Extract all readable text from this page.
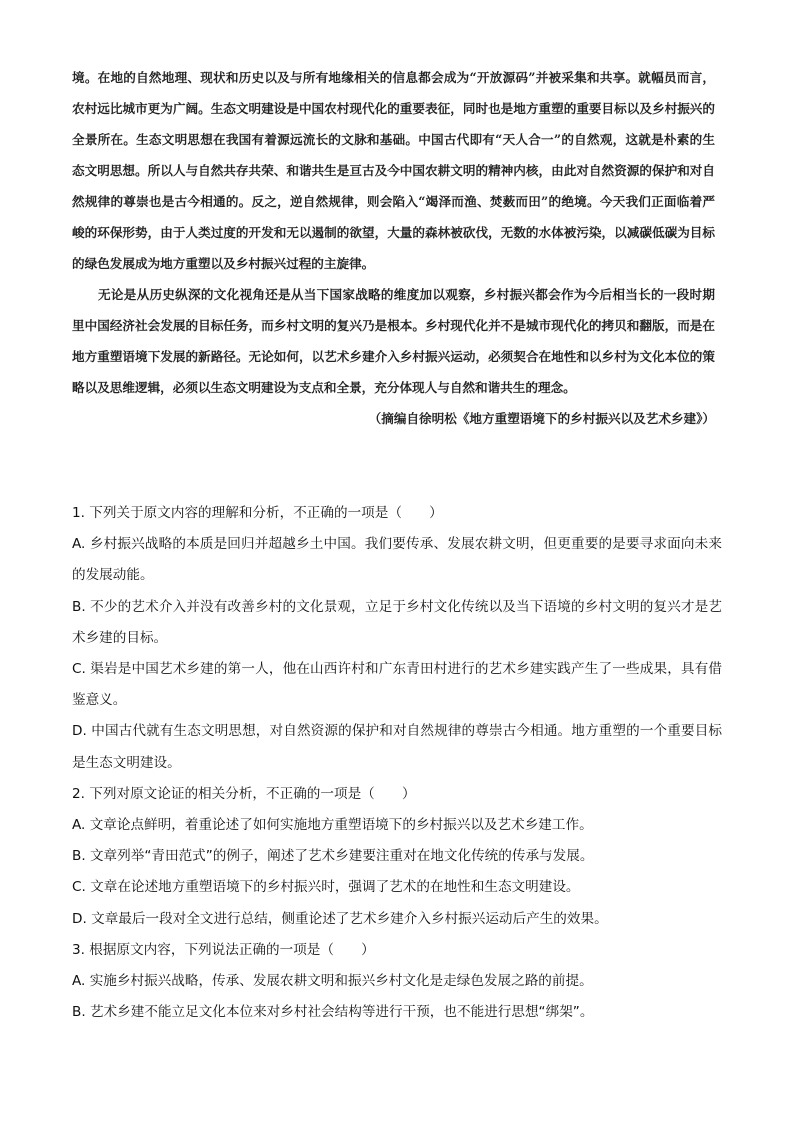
境。在地的自然地理、现状和历史以及与所有地缘相关的信息都会成为“开放源码”并被采集和共享。就幅员而言，农村远比城市更为广阔。生态文明建设是中国农村现代化的重要表征，同时也是地方重塑的重要目标以及乡村振兴的全景所在。生态文明思想在我国有着源远流长的文脉和基础。中国古代即有“天人合一”的自然观，这就是朴素的生态文明思想。所以人与自然共存共荣、和谐共生是亘古及今中国农耕文明的精神内核，由此对自然资源的保护和对自然规律的尊崇也是古今相通的。反之，逆自然规律，则会陷入“竭泽而渔、焚薮而田”的绝境。今天我们正面临着严峻的环保形势，由于人类过度的开发和无以遏制的欲望，大量的森林被砍伐，无数的水体被污染，以减碳低碳为目标的绿色发展成为地方重塑以及乡村振兴过程的主旋律。

无论是从历史纵深的文化视角还是从当下国家战略的维度加以观察，乡村振兴都会作为今后相当长的一段时期里中国经济社会发展的目标任务，而乡村文明的复兴乃是根本。乡村现代化并不是城市现代化的拷贝和翻版，而是在地方重塑语境下发展的新路径。无论如何，以艺术乡建介入乡村振兴运动，必须契合在地性和以乡村为文化本位的策略以及思维逻辑，必须以生态文明建设为支点和全景，充分体现人与自然和谐共生的理念。

（摘编自徐明松《地方重塑语境下的乡村振兴以及艺术乡建》）

1. 下列关于原文内容的理解和分析，不正确的一项是（　　）

A. 乡村振兴战略的本质是回归并超越乡土中国。我们要传承、发展农耕文明，但更重要的是要寻求面向未来的发展动能。

B. 不少的艺术介入并没有改善乡村的文化景观，立足于乡村文化传统以及当下语境的乡村文明的复兴才是艺术乡建的目标。

C. 渠岩是中国艺术乡建的第一人，他在山西许村和广东青田村进行的艺术乡建实践产生了一些成果，具有借鉴意义。

D. 中国古代就有生态文明思想，对自然资源的保护和对自然规律的尊崇古今相通。地方重塑的一个重要目标是生态文明建设。

2. 下列对原文论证的相关分析，不正确的一项是（　　）

A. 文章论点鲜明，着重论述了如何实施地方重塑语境下的乡村振兴以及艺术乡建工作。

B. 文章列举“青田范式”的例子，阐述了艺术乡建要注重对在地文化传统的传承与发展。

C. 文章在论述地方重塑语境下的乡村振兴时，强调了艺术的在地性和生态文明建设。

D. 文章最后一段对全文进行总结，侧重论述了艺术乡建介入乡村振兴运动后产生的效果。

3. 根据原文内容，下列说法正确的一项是（　　）

A. 实施乡村振兴战略，传承、发展农耕文明和振兴乡村文化是走绿色发展之路的前提。

B. 艺术乡建不能立足文化本位来对乡村社会结构等进行干预，也不能进行思想“绑架”。
